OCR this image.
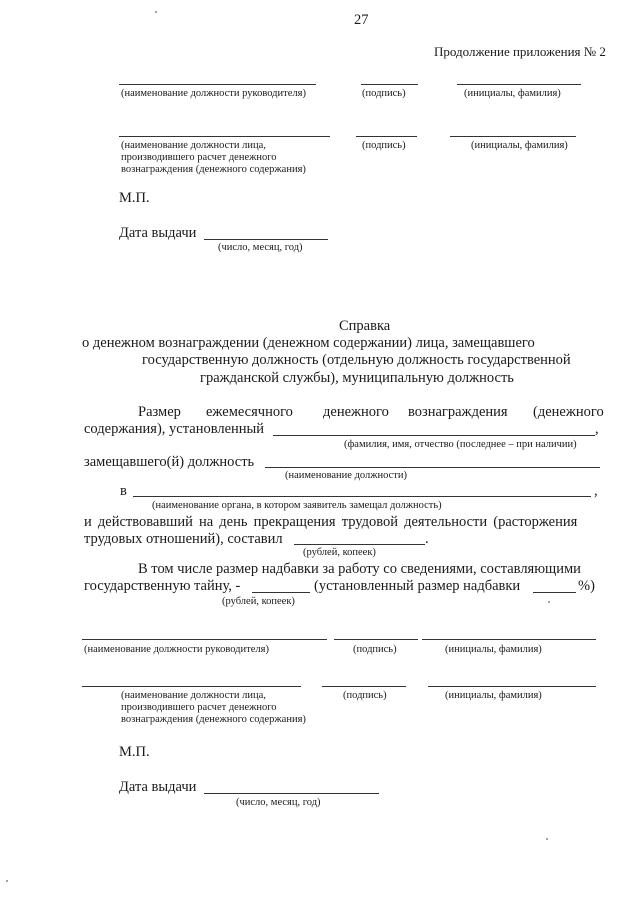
27
Продолжение приложения № 2
(наименование должности руководителя)	(подпись)	(инициалы, фамилия)
(наименование должности лица,
производившего расчет денежного
вознаграждения (денежного содержания)
(подпись)	(инициалы, фамилия)
М.П.
Дата выдачи
(число, месяц, год)
Справка
о денежном вознаграждении (денежном содержании) лица, замещавшего
государственную должность (отдельную должность государственной
гражданской службы), муниципальную должность
Размер ежемесячного денежного вознаграждения (денежного
содержания), установленный	,
(фамилия, имя, отчество (последнее – при наличии)
замещавшего(й) должность
(наименование должности)
в	,
(наименование органа, в котором заявитель замещал должность)
и действовавший на день прекращения трудовой деятельности (расторжения
трудовых отношений), составил	.
(рублей, копеек)
В том числе размер надбавки за работу со сведениями, составляющими
государственную тайну, -	(установленный размер надбавки	%)
(рублей, копеек)
(наименование должности руководителя)	(подпись)	(инициалы, фамилия)
(наименование должности лица,
производившего расчет денежного
вознаграждения (денежного содержания)
(подпись)	(инициалы, фамилия)
М.П.
Дата выдачи
(число, месяц, год)
